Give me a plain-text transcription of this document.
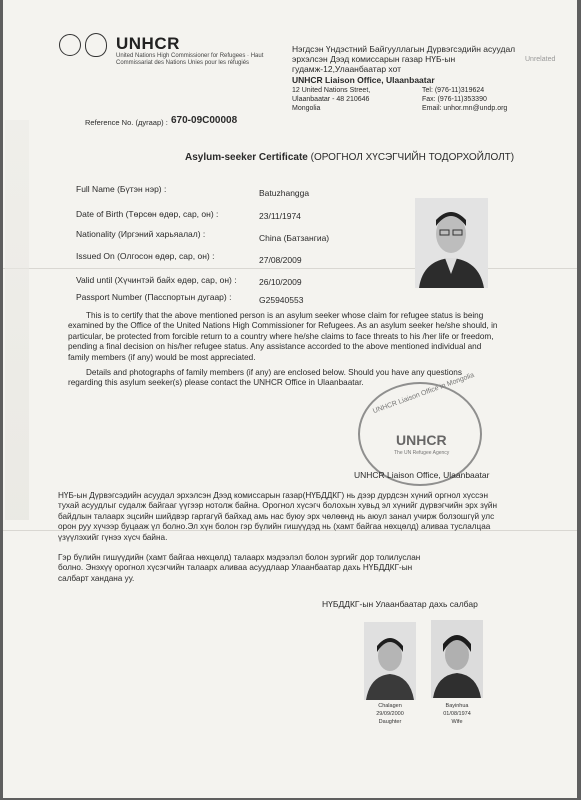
UNHCR
United Nations High Commissioner for Refugees · Haut Commissariat des Nations Unies pour les réfugiés	Unrelated
Нэгдсэн Үндэстний Байгууллагын Дүрвэгсэдийн асуудал эрхэлсэн Дээд комиссарын газар НҮБ-ын гудамж-12,Улаанбаатар хот
UNHCR Liaison Office, Ulaanbaatar
12 United Nations Street,
Ulaanbaatar - 48 210646
Mongolia
Tel: (976-11)319624
Fax: (976-11)353390
Email: unhor.mn@undp.org
Reference No. (дугаар) : 670-09C00008
Asylum-seeker Certificate (ОРОГНОЛ ХҮСЭГЧИЙН ТОДОРХОЙЛОЛТ)
Full Name (Бүтэн нэр) :	Batuzhangga
Date of Birth (Төрсөн өдөр, сар, он) :	23/11/1974
Nationality (Иргэний харьяалал) :	China (Батзангиа)
Issued On (Олгосон өдөр, сар, он) :	27/08/2009
Valid until (Хүчинтэй байх өдөр, сар, он) :	26/10/2009
Passport Number (Пасспортын дугаар) :	G25940553
This is to certify that the above mentioned person is an asylum seeker whose claim for refugee status is being examined by the Office of the United Nations High Commissioner for Refugees. As an asylum seeker he/she should, in particular, be protected from forcible return to a country where he/she claims to face threats to his /her life or freedom, pending a final decision on his/her refugee status. Any assistance accorded to the above mentioned individual and family members (if any) would be most appreciated.
Details and photographs of family members (if any) are enclosed below. Should you have any questions regarding this asylum seeker(s) please contact the UNHCR Office in Ulaanbaatar.	UNHCR Liaison Office in Mongolia
UNHCR
The UN Refugee Agency
UNHCR Liaison Office, Ulaanbaatar
НҮБ-ын Дүрвэгсэдийн асуудал эрхэлсэн Дээд комиссарын газар(НҮБДДКГ) нь дээр дурдсэн хүний оргнол хүссэн тухай асуудлыг судалж байгааг үүгээр нотолж байна. Орогнол хүсэгч болохын хувьд эл хүнийг дүрвэгчийн эрх зүйн байдлын талаарх эцсийн шийдвэр гаргагүй байхад амь нас буюу эрх чөлөөнд нь аюул занал учирж болзошгүй улс орон руу хүчээр буцааж үл болно.Эл хүн болон гэр бүлийн гишүүдэд нь (хамт байгаа нөхцөлд) аливаа туслалцаа үзүүлэхийг гүнээ хүсч байна.
Гэр бүлийн гишүүдийн (хамт байгаа нөхцөлд) талаарх мэдээлэл болон зургийг дор толилуслан болно. Энэхүү орогнол хүсэгчийн талаарх аливаа асуудлаар Улаанбаатар дахь НҮБДДКГ-ын салбарт хандана уу.
НҮБДДКГ-ын Улаанбаатар дахь салбар
Chalagen
29/09/2000
Daughter
Bayinhua
01/08/1974
Wife
